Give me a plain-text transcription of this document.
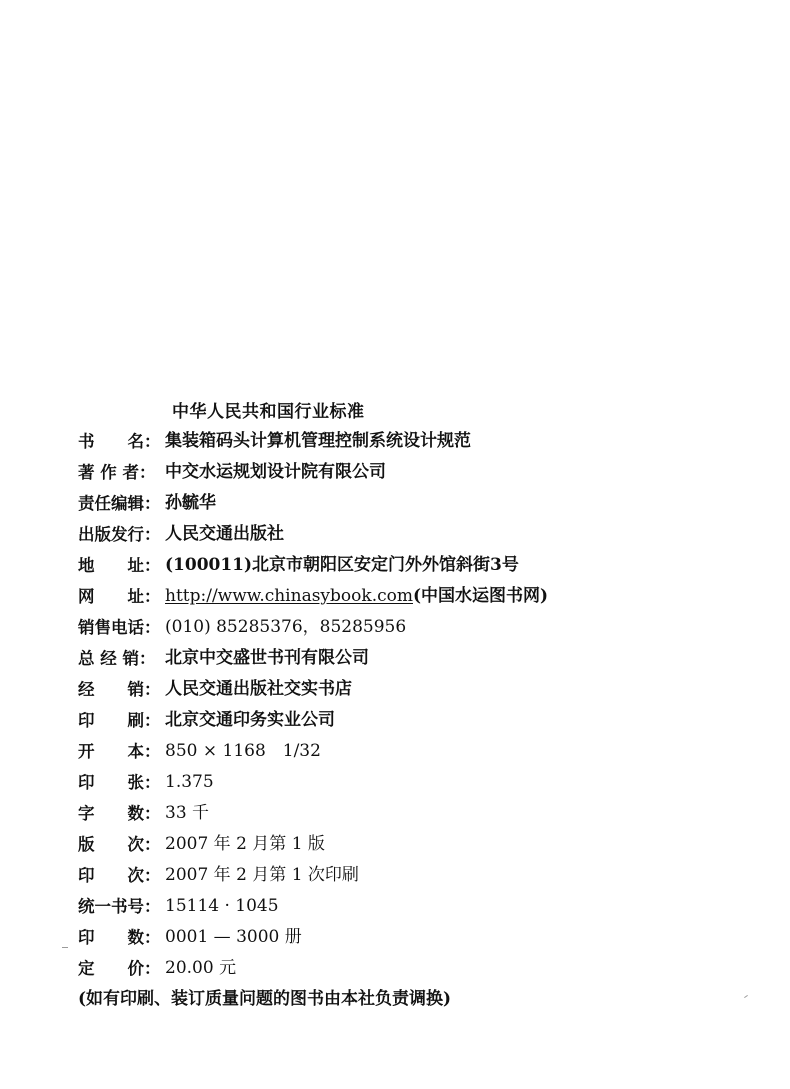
中华人民共和国行业标准
书　　名： 集装箱码头计算机管理控制系统设计规范
著 作 者： 中交水运规划设计院有限公司
责任编辑： 孙毓华
出版发行： 人民交通出版社
地　　址： (100011)北京市朝阳区安定门外外馆斜街3号
网　　址： http://www.chinasybook.com (中国水运图书网)
销售电话： (010) 85285376，85285956
总 经 销： 北京中交盛世书刊有限公司
经　　销： 人民交通出版社交实书店
印　　刷： 北京交通印务实业公司
开　　本： 850 × 1168　1/32
印　　张： 1.375
字　　数： 33 千
版　　次： 2007 年 2 月第 1 版
印　　次： 2007 年 2 月第 1 次印刷
统一书号： 15114 · 1045
印　　数： 0001 — 3000 册
定　　价： 20.00 元
(如有印刷、装订质量问题的图书由本社负责调换)
